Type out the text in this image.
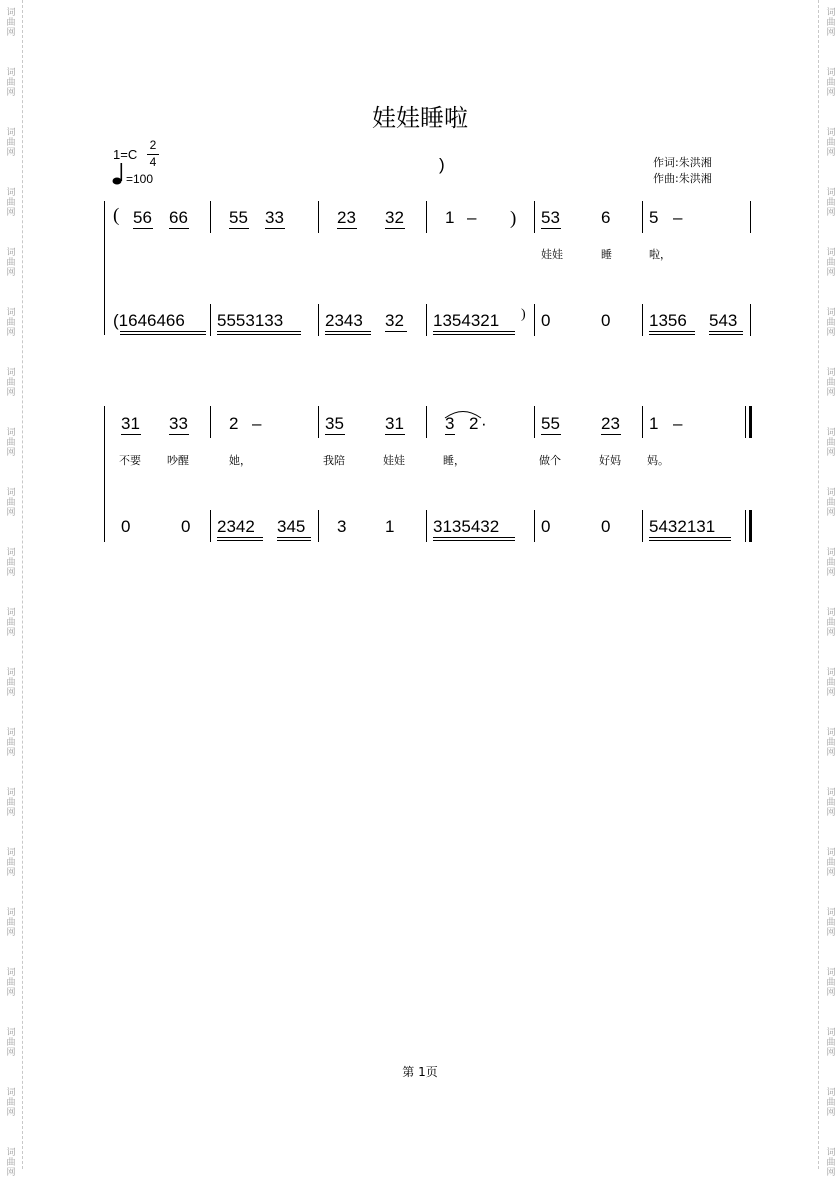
词
曲
网
词
曲
网
词
曲
网
词
曲
网
词
曲
网
词
曲
网
词
曲
网
词
曲
网
词
曲
网
词
曲
网
词
曲
网
词
曲
网
词
曲
网
词
曲
网
词
曲
网
词
曲
网
词
曲
网
词
曲
网
词
曲
网
词
曲
网
词
曲
网
词
曲
网
词
曲
网
词
曲
网
词
曲
网
词
曲
网
词
曲
网
词
曲
网
词
曲
网
词
曲
网
词
曲
网
词
曲
网
词
曲
网
词
曲
网
词
曲
网
词
曲
网
词
曲
网
词
曲
网
词
曲
网
词
曲
网
娃娃睡啦
1=C
2
4
=100
)	作词:朱洪湘
作曲:朱洪湘
( 56 66 55 33	23 32 1 – ) 53 6 5 –
娃娃	睡	啦，
(1646466 5553133 2343 32 1354321 ) 0	0 1356 543
31 33 2 –	35 31 3 2 ·	55 23 1 –
不要 吵醒	她，	我陪	娃娃	睡，	做个	好妈 妈。
0	0 2342 345 3 1 3135432 0	0 5432131
第 1页
